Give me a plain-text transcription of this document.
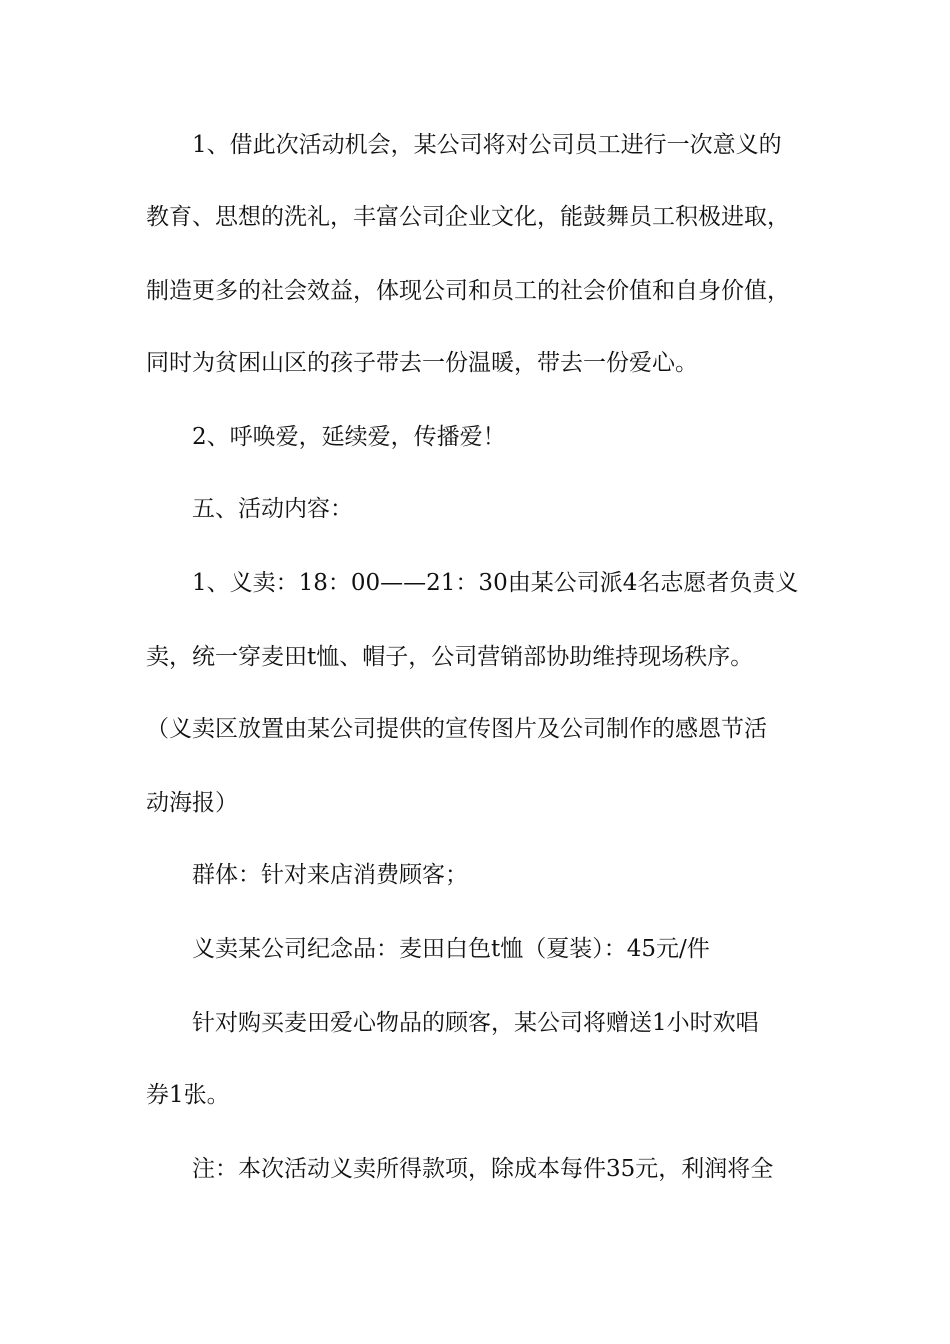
1、借此次活动机会，某公司将对公司员工进行一次意义的
教育、思想的洗礼，丰富公司企业文化，能鼓舞员工积极进取，
制造更多的社会效益，体现公司和员工的社会价值和自身价值，
同时为贫困山区的孩子带去一份温暖，带去一份爱心。
2、呼唤爱，延续爱，传播爱！
五、活动内容：
1、义卖：18：00——21：30由某公司派4名志愿者负责义
卖，统一穿麦田t恤、帽子，公司营销部协助维持现场秩序。
（义卖区放置由某公司提供的宣传图片及公司制作的感恩节活
动海报）
群体：针对来店消费顾客；
义卖某公司纪念品：麦田白色t恤（夏装）：45元/件
针对购买麦田爱心物品的顾客，某公司将赠送1小时欢唱
券1张。
注：本次活动义卖所得款项，除成本每件35元，利润将全
